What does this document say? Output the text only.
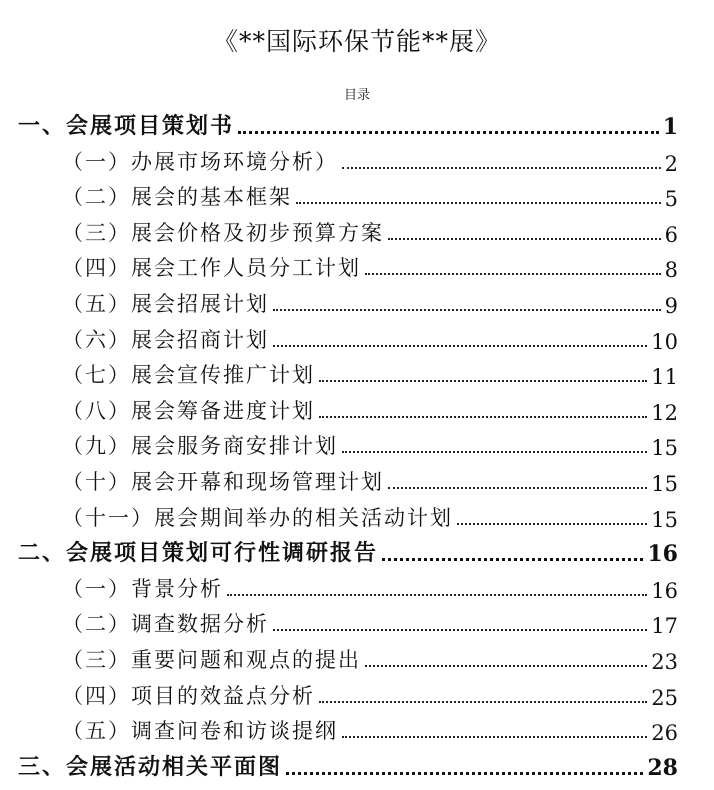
《**国际环保节能**展》
目录
一、会展项目策划书	1
（一）办展市场环境分析）	2
（二）展会的基本框架	5
（三）展会价格及初步预算方案	6
（四）展会工作人员分工计划	8
（五）展会招展计划	9
（六）展会招商计划	10
（七）展会宣传推广计划	11
（八）展会筹备进度计划	12
（九）展会服务商安排计划	15
（十）展会开幕和现场管理计划	15
（十一）展会期间举办的相关活动计划	15
二、会展项目策划可行性调研报告	16
（一）背景分析	16
（二）调查数据分析	17
（三）重要问题和观点的提出	23
（四）项目的效益点分析	25
（五）调查问卷和访谈提纲	26
三、会展活动相关平面图	28
